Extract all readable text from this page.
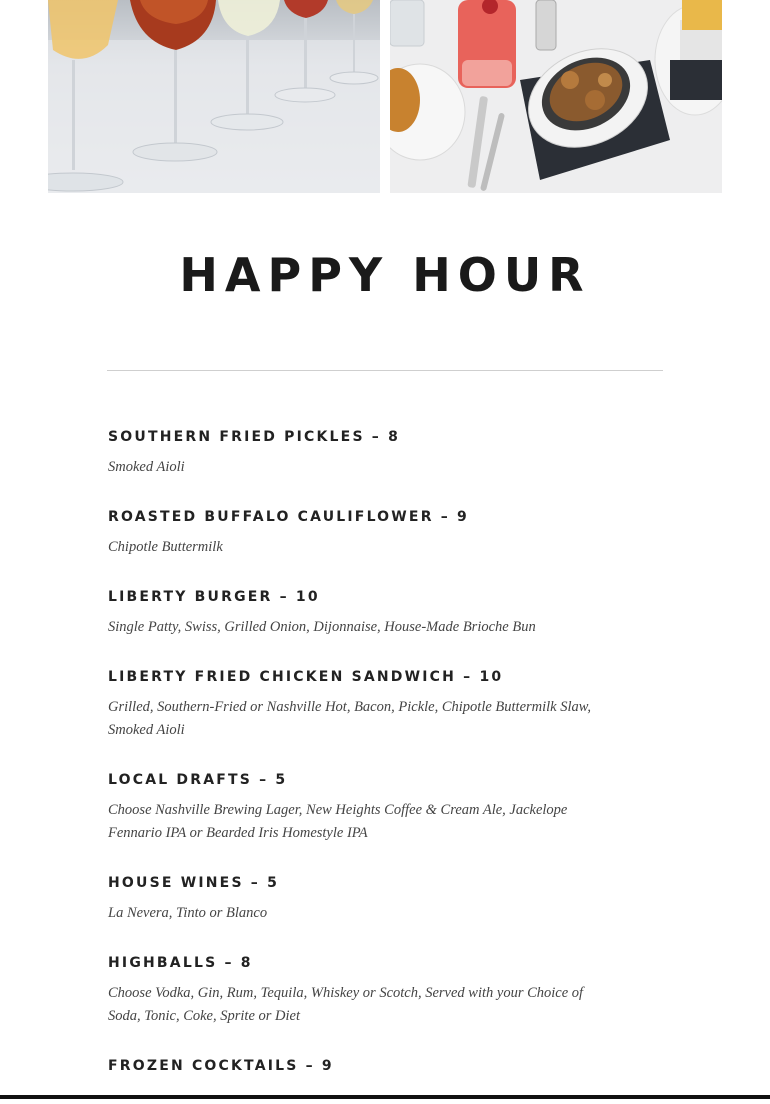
HAPPY HOUR
SOUTHERN FRIED PICKLES – 8
Smoked Aioli
ROASTED BUFFALO CAULIFLOWER – 9
Chipotle Buttermilk
LIBERTY BURGER – 10
Single Patty, Swiss, Grilled Onion, Dijonnaise, House-Made Brioche Bun
LIBERTY FRIED CHICKEN SANDWICH – 10
Grilled, Southern-Fried or Nashville Hot, Bacon, Pickle, Chipotle Buttermilk Slaw, Smoked Aioli
LOCAL DRAFTS – 5
Choose Nashville Brewing Lager, New Heights Coffee & Cream Ale, Jackelope Fennario IPA or Bearded Iris Homestyle IPA
HOUSE WINES – 5
La Nevera, Tinto or Blanco
HIGHBALLS – 8
Choose Vodka, Gin, Rum, Tequila, Whiskey or Scotch, Served with your Choice of Soda, Tonic, Coke, Sprite or Diet
FROZEN COCKTAILS – 9
